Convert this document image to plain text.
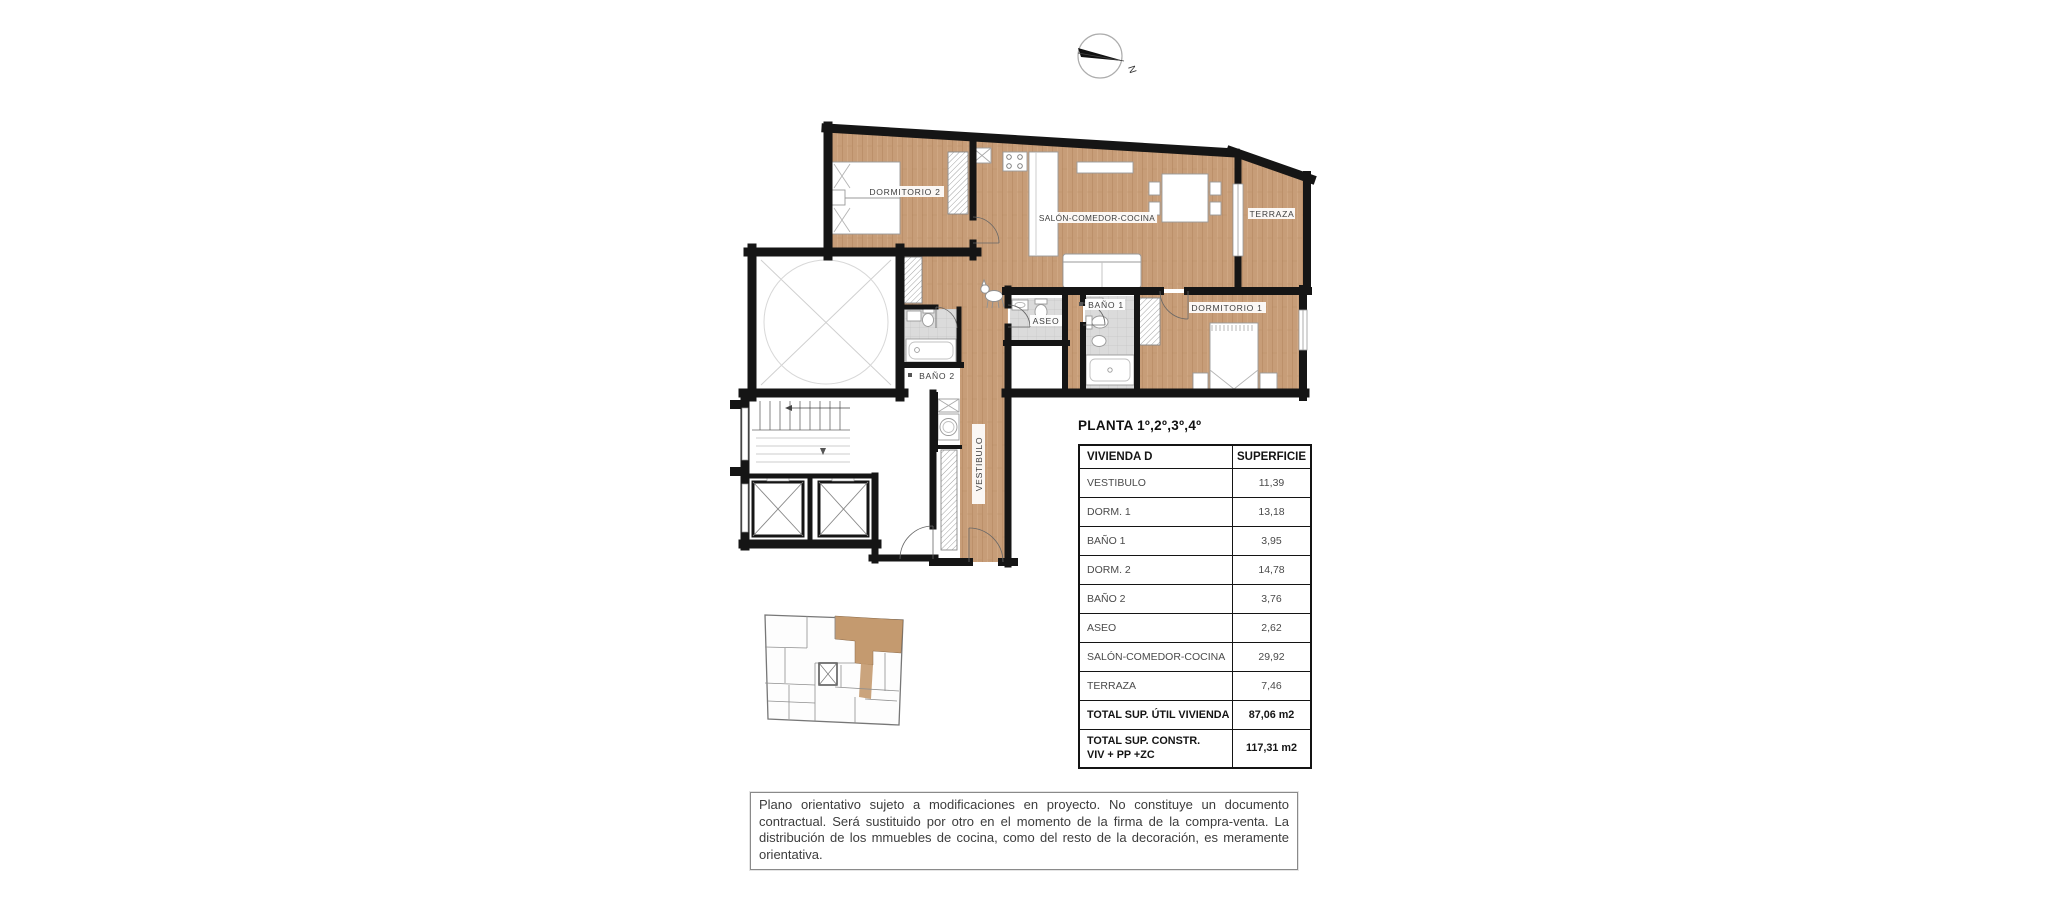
N
DORMITORIO 2
SALÓN-COMEDOR-COCINA	TERRAZA
BAÑO 1
ASEO
DORMITORIO 1
BAÑO 2
VESTIBULO
PLANTA 1º,2º,3º,4º
VIVIENDA D	SUPERFICIE
VESTIBULO	11,39
DORM. 1	13,18
BAÑO 1	3,95
DORM. 2	14,78
BAÑO 2	3,76
ASEO	2,62
SALÓN-COMEDOR-COCINA	29,92
TERRAZA	7,46
TOTAL SUP. ÚTIL VIVIENDA	87,06 m2

TOTAL SUP. CONSTR.
VIV + PP +ZC	117,31 m2

Plano orientativo sujeto a modificaciones en proyecto. No constituye un documento contractual. Será sustituido por otro en el momento de la firma de la compra-venta. La distribución de los mmuebles de cocina, como del resto de la decoración, es meramente orientativa.
